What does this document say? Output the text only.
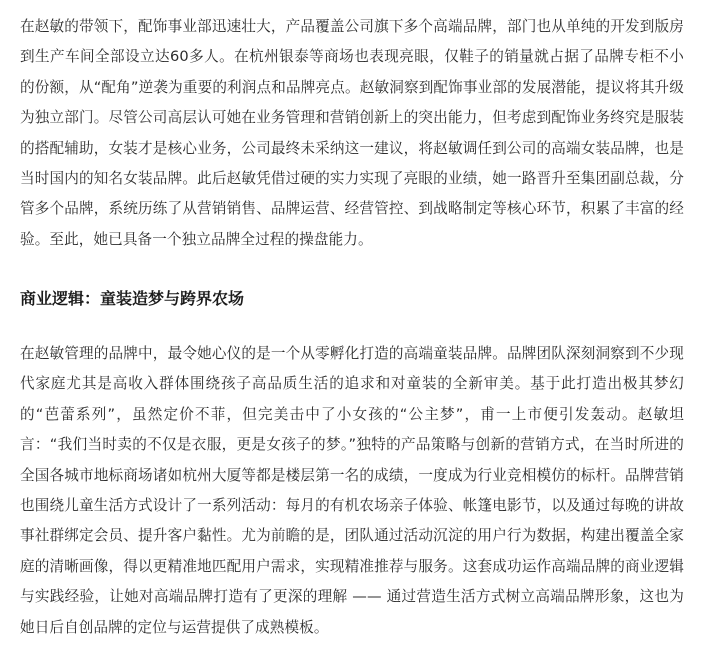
在赵敏的带领下，配饰事业部迅速壮大，产品覆盖公司旗下多个高端品牌，部门也从单纯的开发到版房到生产车间全部设立达60多人。在杭州银泰等商场也表现亮眼，仅鞋子的销量就占据了品牌专柜不小的份额，从“配角”逆袭为重要的利润点和品牌亮点。赵敏洞察到配饰事业部的发展潜能，提议将其升级为独立部门。尽管公司高层认可她在业务管理和营销创新上的突出能力，但考虑到配饰业务终究是服装的搭配辅助，女装才是核心业务，公司最终未采纳这一建议，将赵敏调任到公司的高端女装品牌，也是当时国内的知名女装品牌。此后赵敏凭借过硬的实力实现了亮眼的业绩，她一路晋升至集团副总裁，分管多个品牌，系统历练了从营销销售、品牌运营、经营管控、到战略制定等核心环节，积累了丰富的经验。至此，她已具备一个独立品牌全过程的操盘能力。

商业逻辑：童装造梦与跨界农场

在赵敏管理的品牌中，最令她心仪的是一个从零孵化打造的高端童装品牌。品牌团队深刻洞察到不少现代家庭尤其是高收入群体围绕孩子高品质生活的追求和对童装的全新审美。基于此打造出极其梦幻的“芭蕾系列”，虽然定价不菲，但完美击中了小女孩的“公主梦”，甫一上市便引发轰动。赵敏坦言：“我们当时卖的不仅是衣服，更是女孩子的梦。”独特的产品策略与创新的营销方式，在当时所进的全国各城市地标商场诸如杭州大厦等都是楼层第一名的成绩，一度成为行业竞相模仿的标杆。品牌营销也围绕儿童生活方式设计了一系列活动：每月的有机农场亲子体验、帐篷电影节，以及通过每晚的讲故事社群绑定会员、提升客户黏性。尤为前瞻的是，团队通过活动沉淀的用户行为数据，构建出覆盖全家庭的清晰画像，得以更精准地匹配用户需求，实现精准推荐与服务。这套成功运作高端品牌的商业逻辑与实践经验，让她对高端品牌打造有了更深的理解 —— 通过营造生活方式树立高端品牌形象，这也为她日后自创品牌的定位与运营提供了成熟模板。
